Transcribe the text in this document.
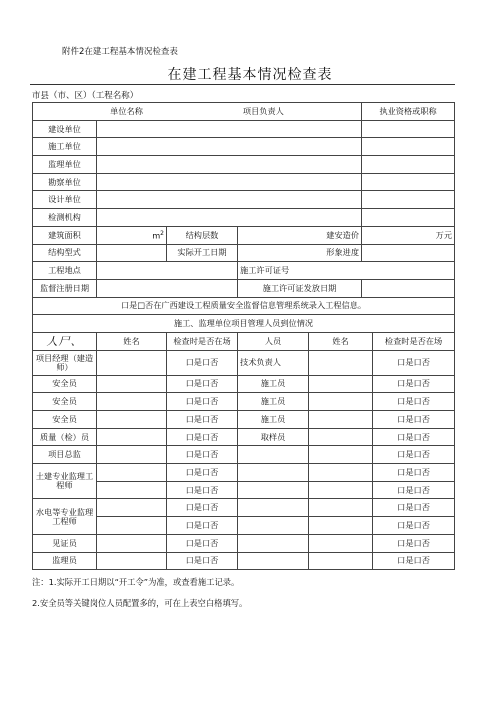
附件2在建工程基本情况检查表
在建工程基本情况检查表
市县（市、区）（工程名称）
单位名称 项目负责人					执业资格或职称	
建设单位						
施工单位						
监理单位						
勘察单位						
设计单位						
检测机构						
建筑面积	$m^2$	结构层数	建安造价		万元	
结构型式		实际开工日期	形象进度			
工程地点			施工许可证号			
监督注册日期			施工许可证发放日期			
口是□否在广西建设工程质量安全监督信息管理系统录入工程信息。						
施工、监理单位项目管理人员到位情况						
人尸、	姓名	检查时是否在场	人员	姓名		检查时是否在场
项目经理（建造师）		口是口否	技术负责人			口是口否
安全员		口是口否	施工员			口是口否
安全员		口是口否	施工员			口是口否
安全员		口是口否	施工员			口是口否
质量（检）员		口是口否	取样员			口是口否
项目总监		口是口否				口是口否
土建专业监理工程师		口是口否				口是口否
		口是口否				口是口否
水电等专业监理工程师		口是口否				口是口否
		口是口否				口是口否
见证员		口是口否				口是口否
监理员		口是口否				口是口否
注：1.实际开工日期以“开工令”为准，或查看施工记录。
2.安全员等关键岗位人员配置多的，可在上表空白格填写。
